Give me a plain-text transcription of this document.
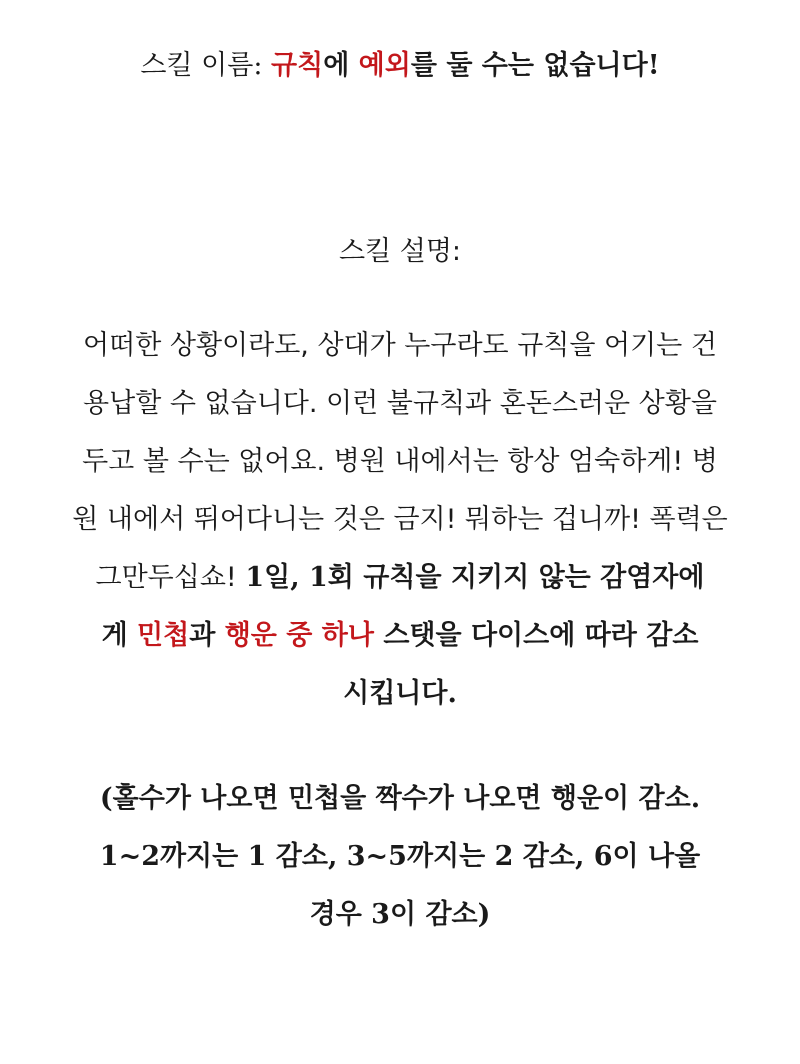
스킬 이름: 규칙에 예외를 둘 수는 없습니다!
스킬 설명:
어떠한 상황이라도, 상대가 누구라도 규칙을 어기는 건
용납할 수 없습니다. 이런 불규칙과 혼돈스러운 상황을
두고 볼 수는 없어요. 병원 내에서는 항상 엄숙하게! 병
원 내에서 뛰어다니는 것은 금지! 뭐하는 겁니까! 폭력은
그만두십쇼! 1일, 1회 규칙을 지키지 않는 감염자에
게 민첩과 행운 중 하나 스탯을 다이스에 따라 감소
시킵니다.
(홀수가 나오면 민첩을 짝수가 나오면 행운이 감소.
1~2까지는 1 감소, 3~5까지는 2 감소, 6이 나올
경우 3이 감소)
